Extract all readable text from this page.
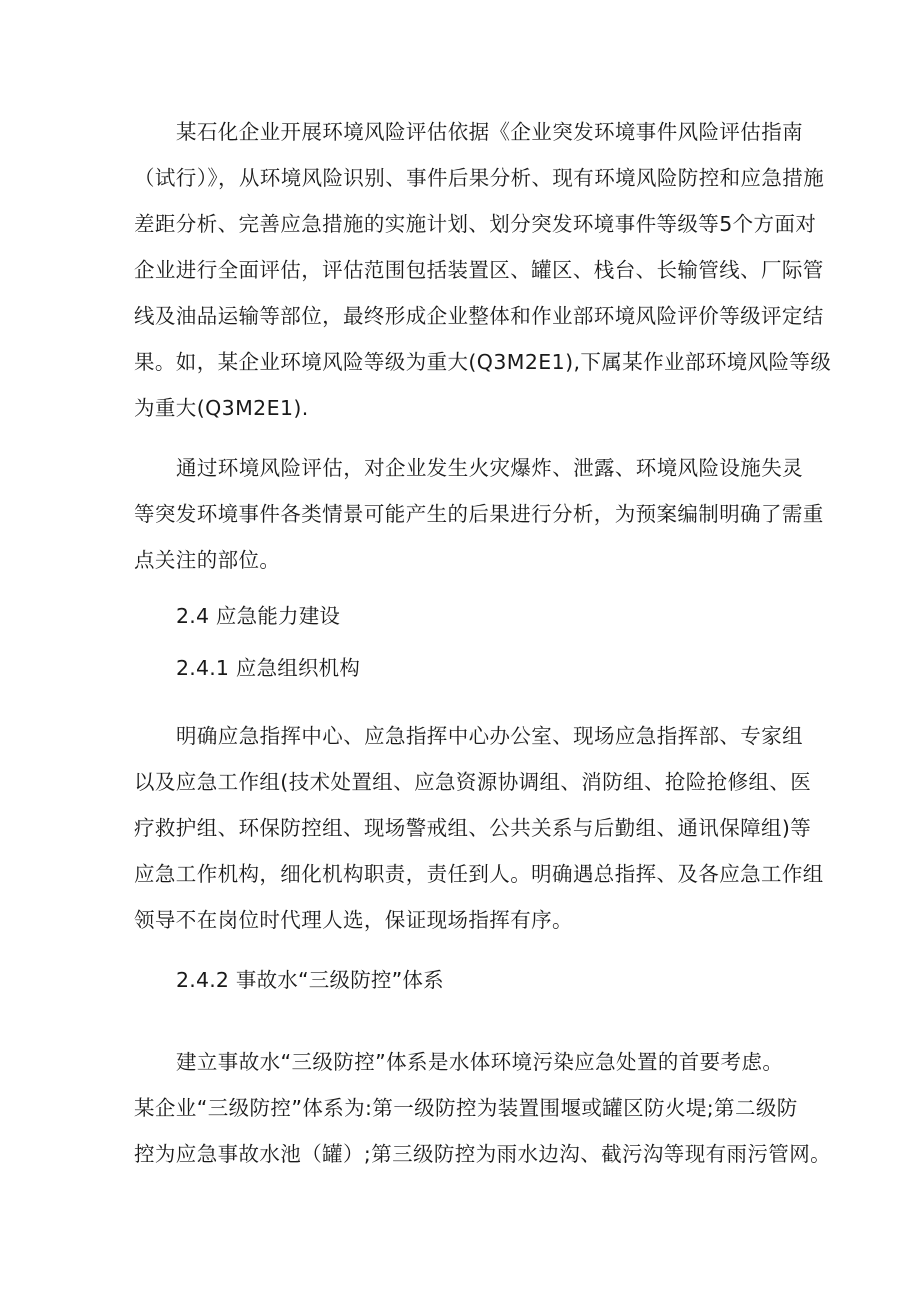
某石化企业开展环境风险评估依据《企业突发环境事件风险评估指南
（试行）》，从环境风险识别、事件后果分析、现有环境风险防控和应急措施
差距分析、完善应急措施的实施计划、划分突发环境事件等级等5个方面对
企业进行全面评估，评估范围包括装置区、罐区、栈台、长输管线、厂际管
线及油品运输等部位，最终形成企业整体和作业部环境风险评价等级评定结
果。如，某企业环境风险等级为重大(Q3M2E1),下属某作业部环境风险等级
为重大(Q3M2E1).
通过环境风险评估，对企业发生火灾爆炸、泄露、环境风险设施失灵
等突发环境事件各类情景可能产生的后果进行分析，为预案编制明确了需重
点关注的部位。
2.4 应急能力建设
2.4.1 应急组织机构
明确应急指挥中心、应急指挥中心办公室、现场应急指挥部、专家组
以及应急工作组(技术处置组、应急资源协调组、消防组、抢险抢修组、医
疗救护组、环保防控组、现场警戒组、公共关系与后勤组、通讯保障组)等
应急工作机构，细化机构职责，责任到人。明确遇总指挥、及各应急工作组
领导不在岗位时代理人选，保证现场指挥有序。
2.4.2 事故水“三级防控”体系
建立事故水“三级防控”体系是水体环境污染应急处置的首要考虑。
某企业“三级防控”体系为:第一级防控为装置围堰或罐区防火堤;第二级防
控为应急事故水池（罐）;第三级防控为雨水边沟、截污沟等现有雨污管网。
